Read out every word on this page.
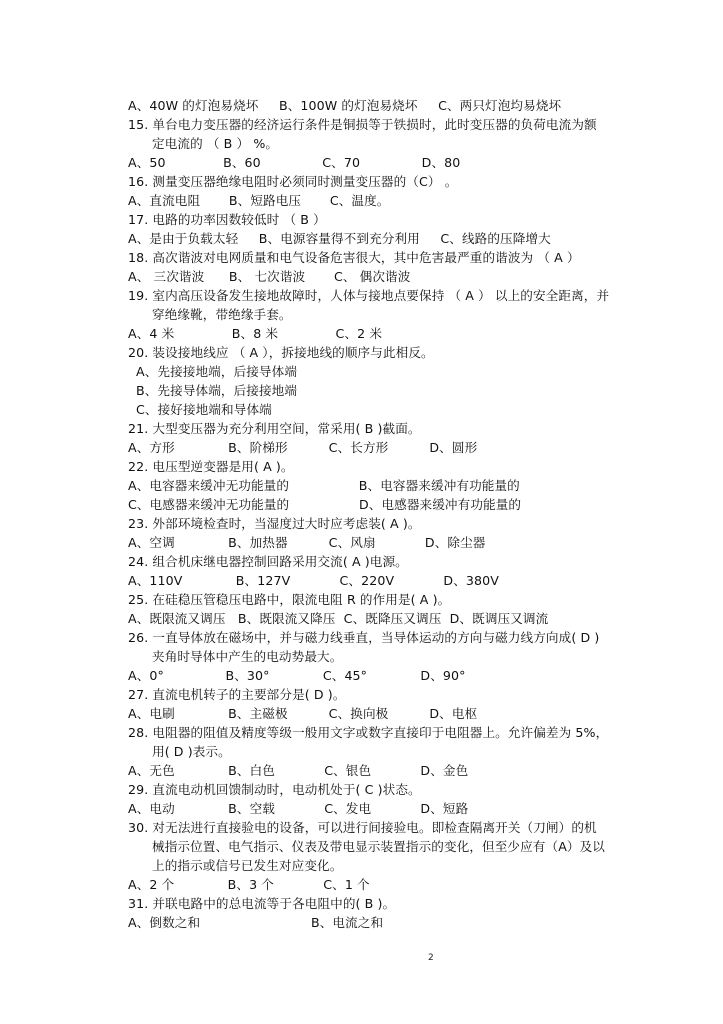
A、40W 的灯泡易烧坏     B、100W 的灯泡易烧坏     C、两只灯泡均易烧坏
15. 单台电力变压器的经济运行条件是铜损等于铁损时，此时变压器的负荷电流为额
定电流的 （ B ） %。
A、50              B、60               C、70               D、80
16. 测量变压器绝缘电阻时必须同时测量变压器的（C） 。
A、直流电阻       B、短路电压       C、温度。
17. 电路的功率因数较低时 （ B ）
A、是由于负载太轻     B、电源容量得不到充分利用     C、线路的压降增大
18. 高次谐波对电网质量和电气设备危害很大，其中危害最严重的谐波为 （ A ）
A、 三次谐波      B、 七次谐波       C、 偶次谐波
19. 室内高压设备发生接地故障时，人体与接地点要保持 （ A ） 以上的安全距离，并
穿绝缘靴，带绝缘手套。
A、4 米              B、8 米              C、2 米
20. 装设接地线应 （ A ），拆接地线的顺序与此相反。
A、先接接地端，后接导体端
B、先接导体端，后接接地端
C、接好接地端和导体端
21. 大型变压器为充分利用空间，常采用( B )截面。
A、方形             B、阶梯形          C、长方形          D、圆形
22. 电压型逆变器是用( A )。
A、电容器来缓冲无功能量的                 B、电容器来缓冲有功能量的
C、电感器来缓冲无功能量的                 D、电感器来缓冲有功能量的
23. 外部环境检查时，当湿度过大时应考虑装( A )。
A、空调             B、加热器          C、风扇            D、除尘器
24. 组合机床继电器控制回路采用交流( A )电源。
A、110V             B、127V            C、220V            D、380V
25. 在硅稳压管稳压电路中，限流电阻 R 的作用是( A )。
A、既限流又调压   B、既限流又降压  C、既降压又调压  D、既调压又调流
26. 一直导体放在磁场中，并与磁力线垂直，当导体运动的方向与磁力线方向成( D )
夹角时导体中产生的电动势最大。
A、0°               B、30°             C、45°             D、90°
27. 直流电机转子的主要部分是( D )。
A、电刷             B、主磁极          C、换向极          D、电枢
28. 电阻器的阻值及精度等级一般用文字或数字直接印于电阻器上。允许偏差为 5%，
用( D )表示。
A、无色             B、白色            C、银色            D、金色
29. 直流电动机回馈制动时，电动机处于( C )状态。
A、电动             B、空载            C、发电            D、短路
30. 对无法进行直接验电的设备，可以进行间接验电。即检查隔离开关（刀闸）的机
械指示位置、电气指示、仪表及带电显示装置指示的变化，但至少应有（A）及以
上的指示或信号已发生对应变化。
A、2 个             B、3 个            C、1 个
31. 并联电路中的总电流等于各电阻中的( B )。
A、倒数之和                           B、电流之和
2
